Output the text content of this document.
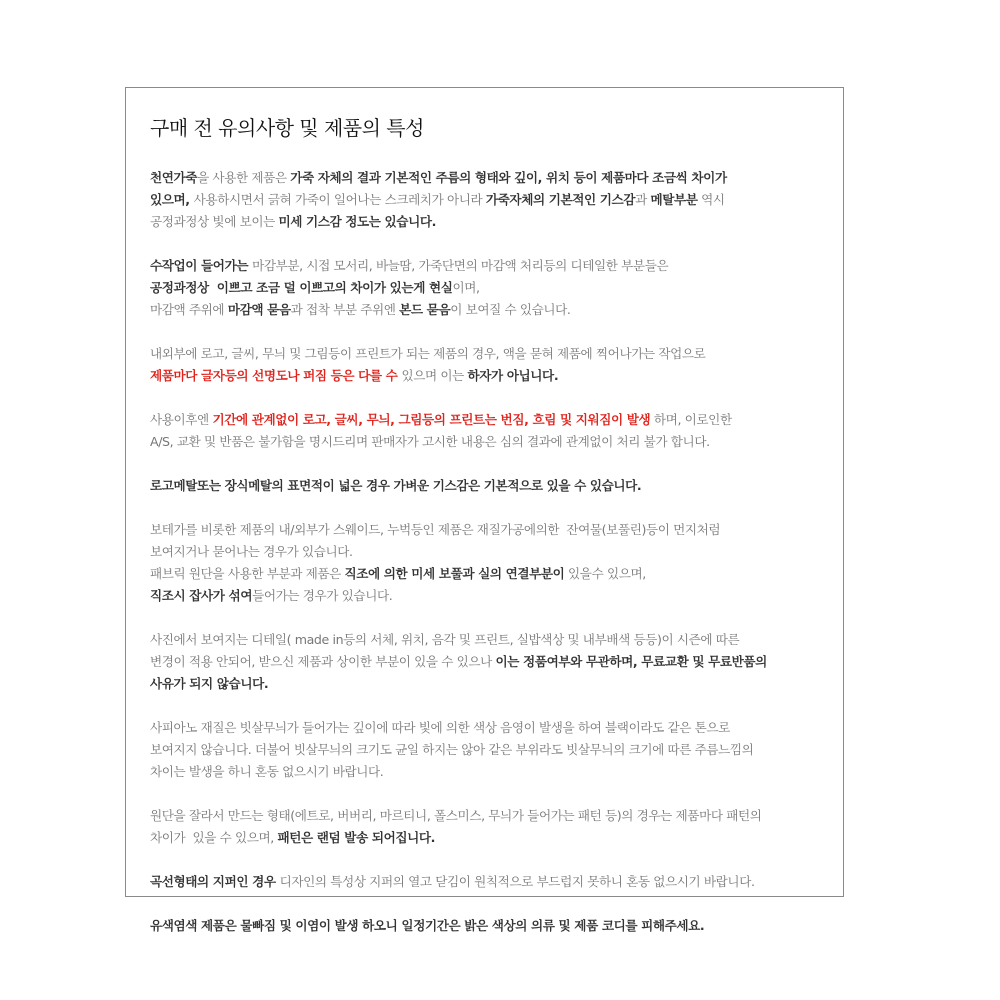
구매 전 유의사항 및 제품의 특성
천연가죽을 사용한 제품은 가죽 자체의 결과 기본적인 주름의 형태와 깊이, 위치 등이 제품마다 조금씩 차이가
있으며, 사용하시면서 긁혀 가죽이 일어나는 스크레치가 아니라 가죽자체의 기본적인 기스감과 메탈부분 역시
공정과정상 빛에 보이는 미세 기스감 정도는 있습니다.
수작업이 들어가는 마감부분, 시접 모서리, 바늘땀, 가죽단면의 마감액 처리등의 디테일한 부분들은
공정과정상  이쁘고 조금 덜 이쁘고의 차이가 있는게 현실이며,
마감액 주위에 마감액 묻음과 접착 부분 주위엔 본드 묻음이 보여질 수 있습니다.
내외부에 로고, 글씨, 무늬 및 그림등이 프린트가 되는 제품의 경우, 액을 묻혀 제품에 찍어나가는 작업으로
제품마다 글자등의 선명도나 퍼짐 등은 다를 수 있으며 이는 하자가 아닙니다.
사용이후엔 기간에 관계없이 로고, 글씨, 무늬, 그림등의 프린트는 번짐, 흐림 및 지워짐이 발생 하며, 이로인한
A/S, 교환 및 반품은 불가함을 명시드리며 판매자가 고시한 내용은 심의 결과에 관계없이 처리 불가 합니다.
로고메탈또는 장식메탈의 표면적이 넓은 경우 가벼운 기스감은 기본적으로 있을 수 있습니다.
보테가를 비롯한 제품의 내/외부가 스웨이드, 누벅등인 제품은 재질가공에의한  잔여물(보풀린)등이 먼지처럼
보여지거나 묻어나는 경우가 있습니다.
패브릭 원단을 사용한 부분과 제품은 직조에 의한 미세 보풀과 실의 연결부분이 있을수 있으며,
직조시 잡사가 섞여들어가는 경우가 있습니다.
사진에서 보여지는 디테일( made in등의 서체, 위치, 음각 및 프린트, 실밥색상 및 내부배색 등등)이 시즌에 따른
변경이 적용 안되어, 받으신 제품과 상이한 부분이 있을 수 있으나 이는 정품여부와 무관하며, 무료교환 및 무료반품의
사유가 되지 않습니다.
사피아노 재질은 빗살무늬가 들어가는 깊이에 따라 빛에 의한 색상 음영이 발생을 하여 블랙이라도 같은 톤으로
보여지지 않습니다. 더불어 빗살무늬의 크기도 균일 하지는 않아 같은 부위라도 빗살무늬의 크기에 따른 주름느낌의
차이는 발생을 하니 혼동 없으시기 바랍니다.
원단을 잘라서 만드는 형태(에트로, 버버리, 마르티니, 폴스미스, 무늬가 들어가는 패턴 등)의 경우는 제품마다 패턴의
차이가  있을 수 있으며, 패턴은 랜덤 발송 되어집니다.
곡선형태의 지퍼인 경우 디자인의 특성상 지퍼의 열고 닫김이 원칙적으로 부드럽지 못하니 혼동 없으시기 바랍니다.
유색염색 제품은 물빠짐 및 이염이 발생 하오니 일정기간은 밝은 색상의 의류 및 제품 코디를 피해주세요.
